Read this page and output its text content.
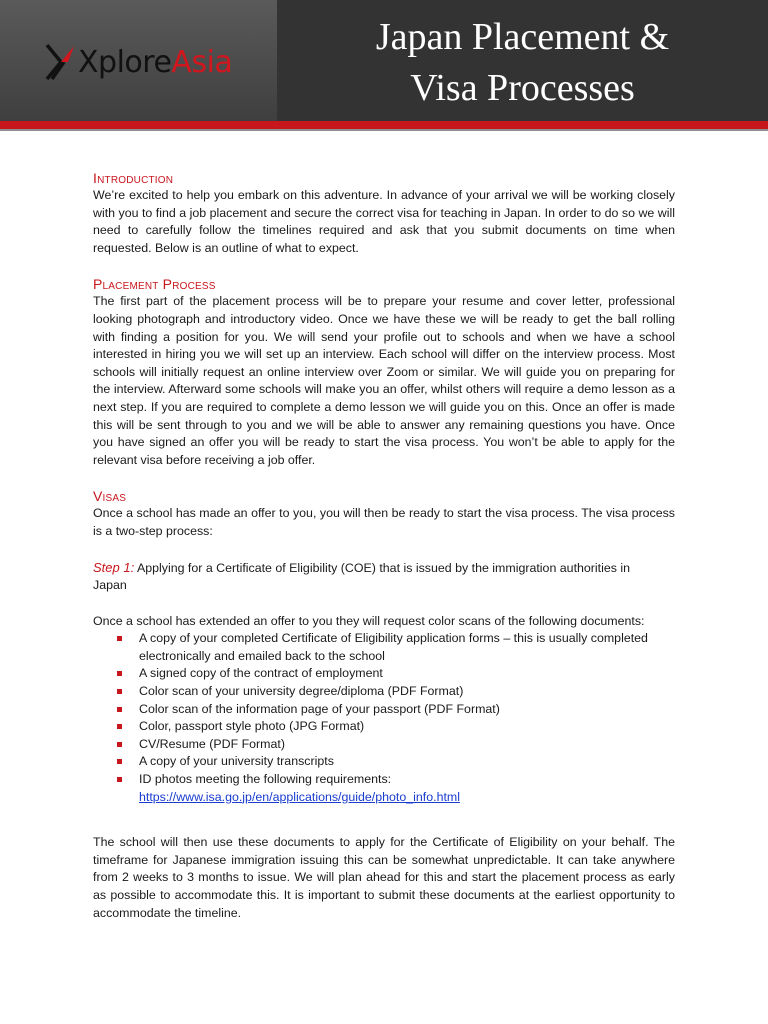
XploreAsia
Japan Placement &
Visa Processes
Introduction

We’re excited to help you embark on this adventure. In advance of your arrival we will be working closely with you to find a job placement and secure the correct visa for teaching in Japan. In order to do so we will need to carefully follow the timelines required and ask that you submit documents on time when requested. Below is an outline of what to expect.

Placement Process

The first part of the placement process will be to prepare your resume and cover letter, professional looking photograph and introductory video. Once we have these we will be ready to get the ball rolling with finding a position for you. We will send your profile out to schools and when we have a school interested in hiring you we will set up an interview. Each school will differ on the interview process. Most schools will initially request an online interview over Zoom or similar. We will guide you on preparing for the interview. Afterward some schools will make you an offer, whilst others will require a demo lesson as a next step. If you are required to complete a demo lesson we will guide you on this. Once an offer is made this will be sent through to you and we will be able to answer any remaining questions you have. Once you have signed an offer you will be ready to start the visa process. You won’t be able to apply for the relevant visa before receiving a job offer.

Visas

Once a school has made an offer to you, you will then be ready to start the visa process. The visa process is a two-step process:

Step 1: Applying for a Certificate of Eligibility (COE) that is issued by the immigration authorities in Japan

Once a school has extended an offer to you they will request color scans of the following documents:

A copy of your completed Certificate of Eligibility application forms – this is usually completed electronically and emailed back to the school
A signed copy of the contract of employment
Color scan of your university degree/diploma (PDF Format)
Color scan of the information page of your passport (PDF Format)
Color, passport style photo (JPG Format)
CV/Resume (PDF Format)
A copy of your university transcripts
ID photos meeting the following requirements:
https://www.isa.go.jp/en/applications/guide/photo_info.html

The school will then use these documents to apply for the Certificate of Eligibility on your behalf. The timeframe for Japanese immigration issuing this can be somewhat unpredictable. It can take anywhere from 2 weeks to 3 months to issue. We will plan ahead for this and start the placement process as early as possible to accommodate this. It is important to submit these documents at the earliest opportunity to accommodate the timeline.
